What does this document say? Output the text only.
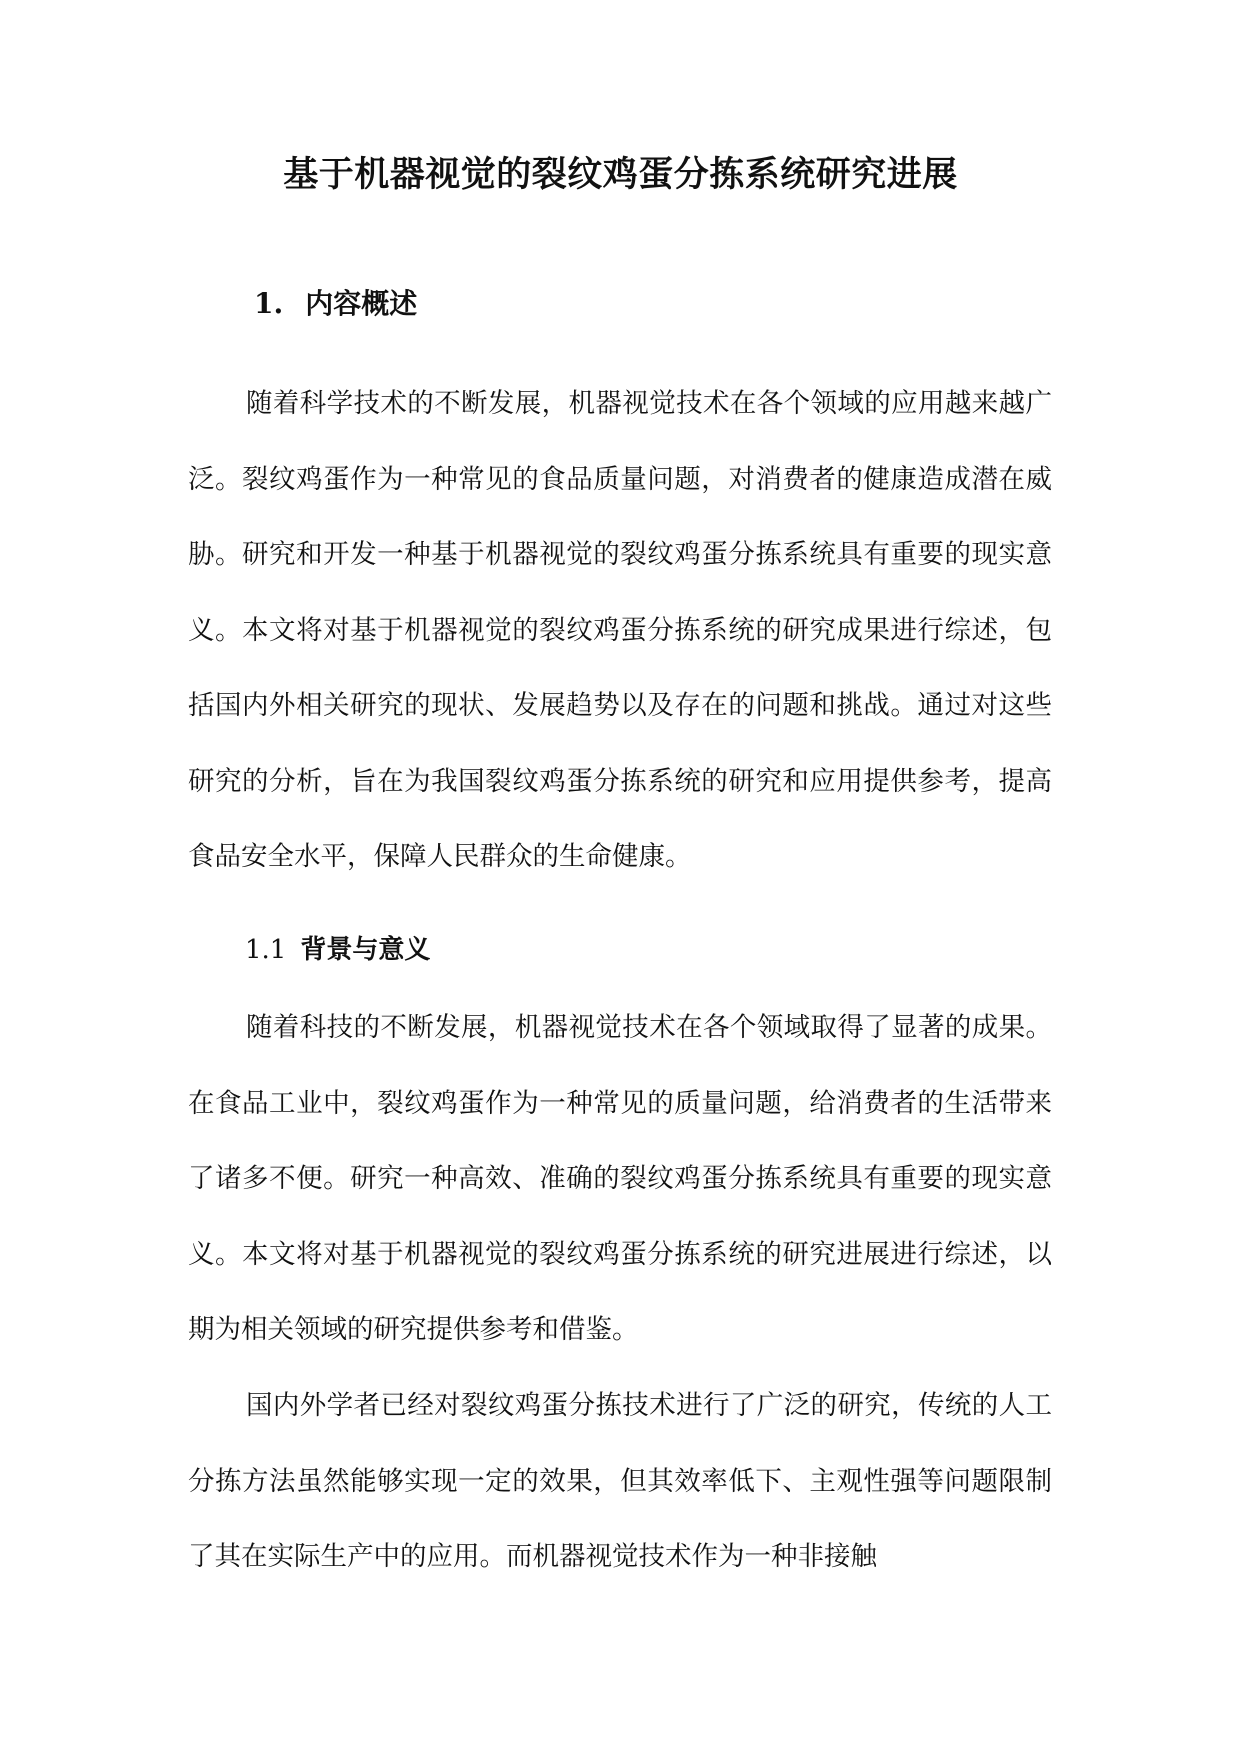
基于机器视觉的裂纹鸡蛋分拣系统研究进展
1. 内容概述

随着科学技术的不断发展，机器视觉技术在各个领域的应用越来越广泛。裂纹鸡蛋作为一种常见的食品质量问题，对消费者的健康造成潜在威胁。研究和开发一种基于机器视觉的裂纹鸡蛋分拣系统具有重要的现实意义。本文将对基于机器视觉的裂纹鸡蛋分拣系统的研究成果进行综述，包括国内外相关研究的现状、发展趋势以及存在的问题和挑战。通过对这些研究的分析，旨在为我国裂纹鸡蛋分拣系统的研究和应用提供参考，提高食品安全水平，保障人民群众的生命健康。

1.1 背景与意义

随着科技的不断发展，机器视觉技术在各个领域取得了显著的成果。在食品工业中，裂纹鸡蛋作为一种常见的质量问题，给消费者的生活带来了诸多不便。研究一种高效、准确的裂纹鸡蛋分拣系统具有重要的现实意义。本文将对基于机器视觉的裂纹鸡蛋分拣系统的研究进展进行综述，以期为相关领域的研究提供参考和借鉴。

国内外学者已经对裂纹鸡蛋分拣技术进行了广泛的研究，传统的人工分拣方法虽然能够实现一定的效果，但其效率低下、主观性强等问题限制了其在实际生产中的应用。而机器视觉技术作为一种非接触
